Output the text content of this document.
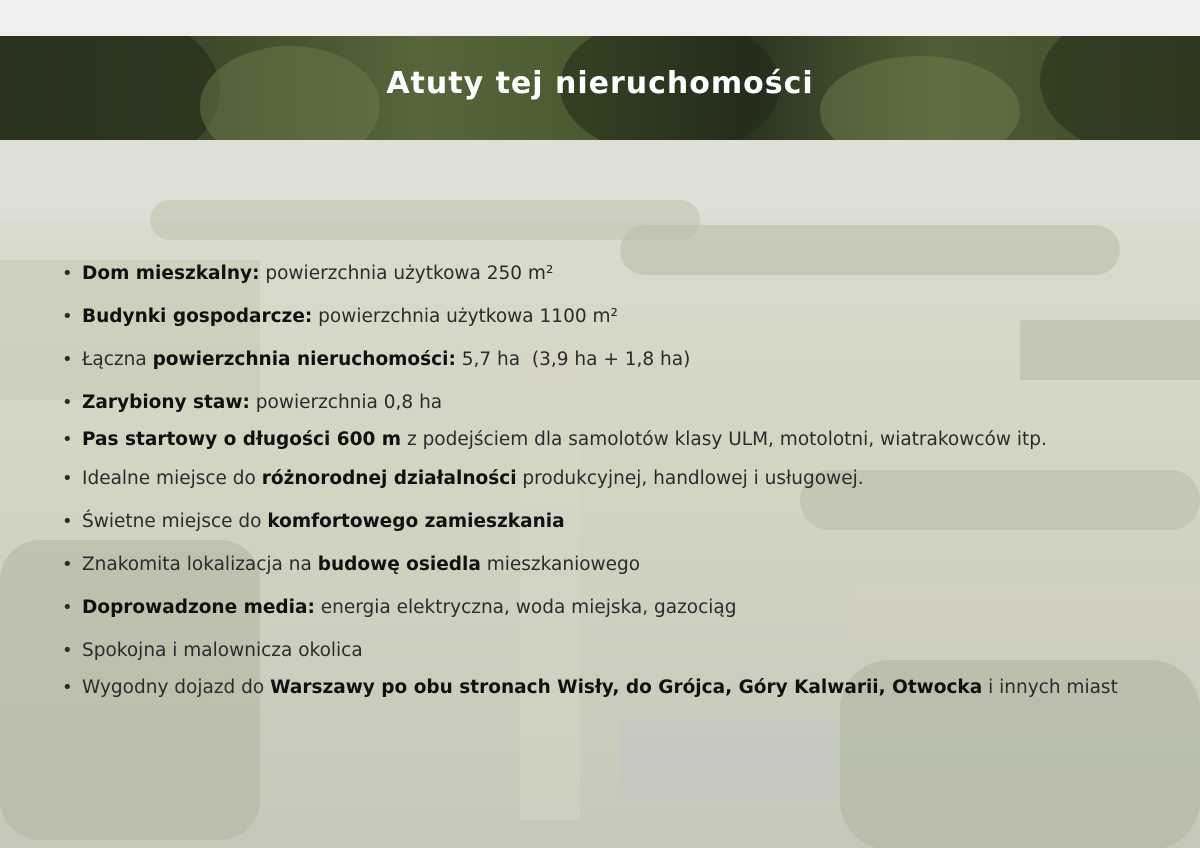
Atuty tej nieruchomości
• Dom mieszkalny: powierzchnia użytkowa 250 m²
• Budynki gospodarcze: powierzchnia użytkowa 1100 m²
• Łączna powierzchnia nieruchomości: 5,7 ha  (3,9 ha + 1,8 ha)
• Zarybiony staw: powierzchnia 0,8 ha
• Pas startowy o długości 600 m z podejściem dla samolotów klasy ULM, motolotni, wiatrakowców itp.
• Idealne miejsce do różnorodnej działalności produkcyjnej, handlowej i usługowej.
• Świetne miejsce do komfortowego zamieszkania
• Znakomita lokalizacja na budowę osiedla mieszkaniowego
• Doprowadzone media: energia elektryczna, woda miejska, gazociąg
• Spokojna i malownicza okolica
• Wygodny dojazd do Warszawy po obu stronach Wisły, do Grójca, Góry Kalwarii, Otwocka i innych miast
